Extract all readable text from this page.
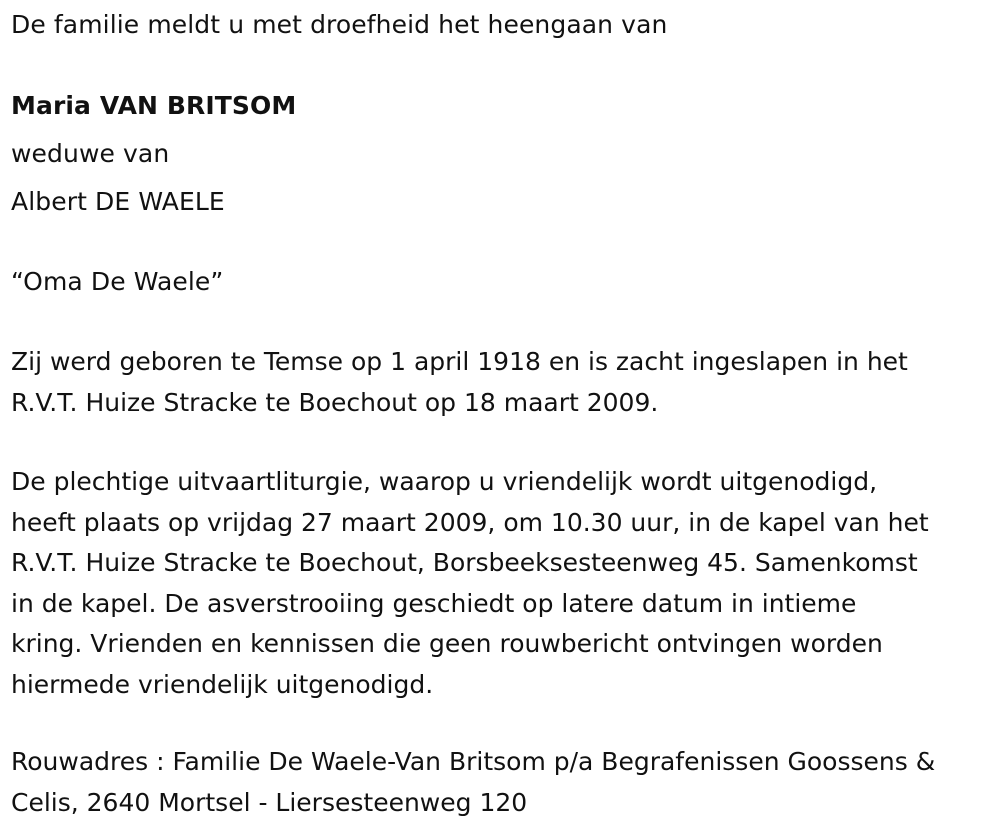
De familie meldt u met droefheid het heengaan van
Maria VAN BRITSOM
weduwe van
Albert DE WAELE
“Oma De Waele”
Zij werd geboren te Temse op 1 april 1918 en is zacht ingeslapen in het
R.V.T. Huize Stracke te Boechout op 18 maart 2009.
De plechtige uitvaartliturgie, waarop u vriendelijk wordt uitgenodigd,
heeft plaats op vrijdag 27 maart 2009, om 10.30 uur, in de kapel van het
R.V.T. Huize Stracke te Boechout, Borsbeeksesteenweg 45. Samenkomst
in de kapel. De asverstrooiing geschiedt op latere datum in intieme
kring. Vrienden en kennissen die geen rouwbericht ontvingen worden
hiermede vriendelijk uitgenodigd.
Rouwadres : Familie De Waele-Van Britsom p/a Begrafenissen Goossens &
Celis, 2640 Mortsel - Liersesteenweg 120
